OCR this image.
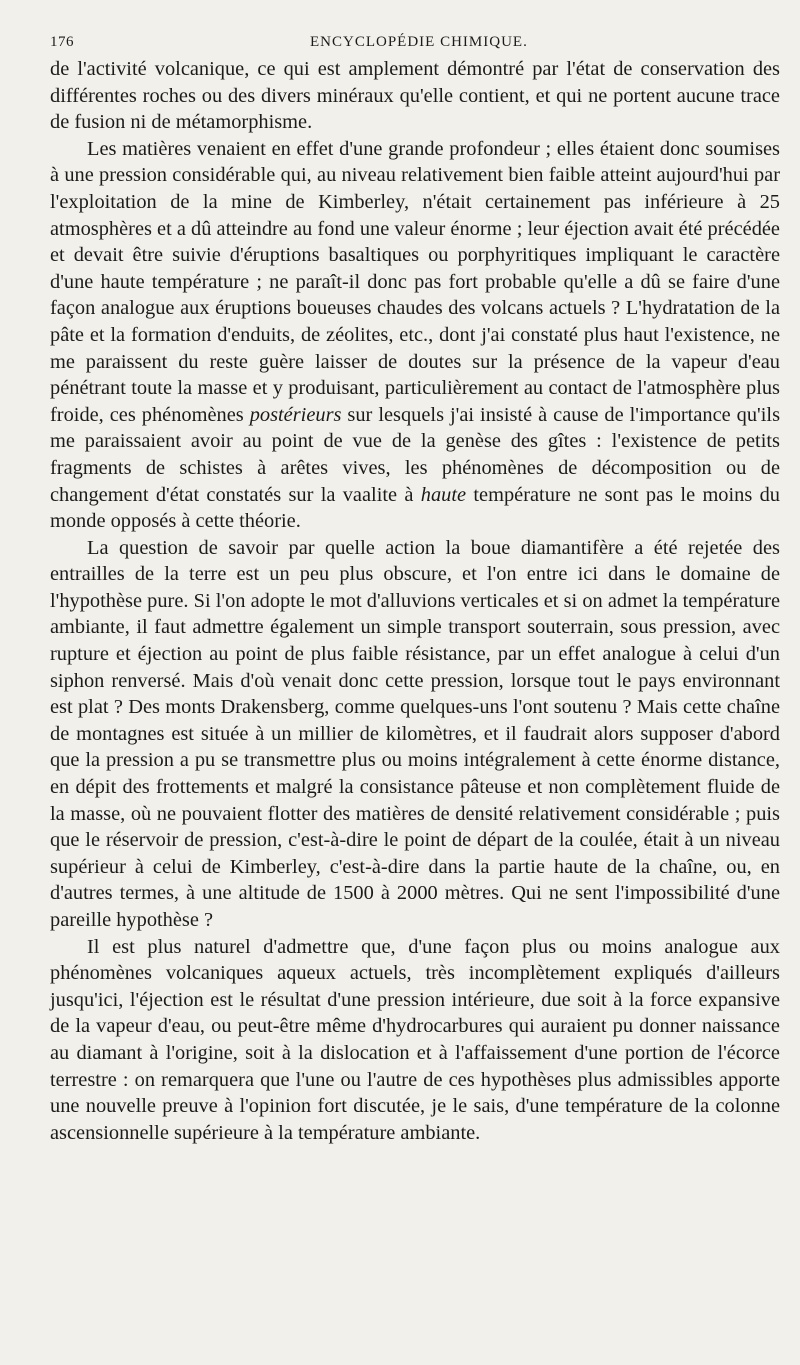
176	ENCYCLOPÉDIE CHIMIQUE.

de l'activité volcanique, ce qui est amplement démontré par l'état de conservation des différentes roches ou des divers minéraux qu'elle contient, et qui ne portent aucune trace de fusion ni de métamorphisme.

Les matières venaient en effet d'une grande profondeur ; elles étaient donc soumises à une pression considérable qui, au niveau relativement bien faible atteint aujourd'hui par l'exploitation de la mine de Kimberley, n'était certainement pas inférieure à 25 atmosphères et a dû atteindre au fond une valeur énorme ; leur éjection avait été précédée et devait être suivie d'éruptions basaltiques ou porphyritiques impliquant le caractère d'une haute température ; ne paraît-il donc pas fort probable qu'elle a dû se faire d'une façon analogue aux éruptions boueuses chaudes des volcans actuels ? L'hydratation de la pâte et la formation d'enduits, de zéolites, etc., dont j'ai constaté plus haut l'existence, ne me paraissent du reste guère laisser de doutes sur la présence de la vapeur d'eau pénétrant toute la masse et y produisant, particulièrement au contact de l'atmosphère plus froide, ces phénomènes postérieurs sur lesquels j'ai insisté à cause de l'importance qu'ils me paraissaient avoir au point de vue de la genèse des gîtes : l'existence de petits fragments de schistes à arêtes vives, les phénomènes de décomposition ou de changement d'état constatés sur la vaalite à haute température ne sont pas le moins du monde opposés à cette théorie.

La question de savoir par quelle action la boue diamantifère a été rejetée des entrailles de la terre est un peu plus obscure, et l'on entre ici dans le domaine de l'hypothèse pure. Si l'on adopte le mot d'alluvions verticales et si on admet la température ambiante, il faut admettre également un simple transport souterrain, sous pression, avec rupture et éjection au point de plus faible résistance, par un effet analogue à celui d'un siphon renversé. Mais d'où venait donc cette pression, lorsque tout le pays environnant est plat ? Des monts Drakensberg, comme quelques-uns l'ont soutenu ? Mais cette chaîne de montagnes est située à un millier de kilomètres, et il faudrait alors supposer d'abord que la pression a pu se transmettre plus ou moins intégralement à cette énorme distance, en dépit des frottements et malgré la consistance pâteuse et non complètement fluide de la masse, où ne pouvaient flotter des matières de densité relativement considérable ; puis que le réservoir de pression, c'est-à-dire le point de départ de la coulée, était à un niveau supérieur à celui de Kimberley, c'est-à-dire dans la partie haute de la chaîne, ou, en d'autres termes, à une altitude de 1500 à 2000 mètres. Qui ne sent l'impossibilité d'une pareille hypothèse ?

Il est plus naturel d'admettre que, d'une façon plus ou moins analogue aux phénomènes volcaniques aqueux actuels, très incomplètement expliqués d'ailleurs jusqu'ici, l'éjection est le résultat d'une pression intérieure, due soit à la force expansive de la vapeur d'eau, ou peut-être même d'hydrocarbures qui auraient pu donner naissance au diamant à l'origine, soit à la dislocation et à l'affaissement d'une portion de l'écorce terrestre : on remarquera que l'une ou l'autre de ces hypothèses plus admissibles apporte une nouvelle preuve à l'opinion fort discutée, je le sais, d'une température de la colonne ascensionnelle supérieure à la température ambiante.
